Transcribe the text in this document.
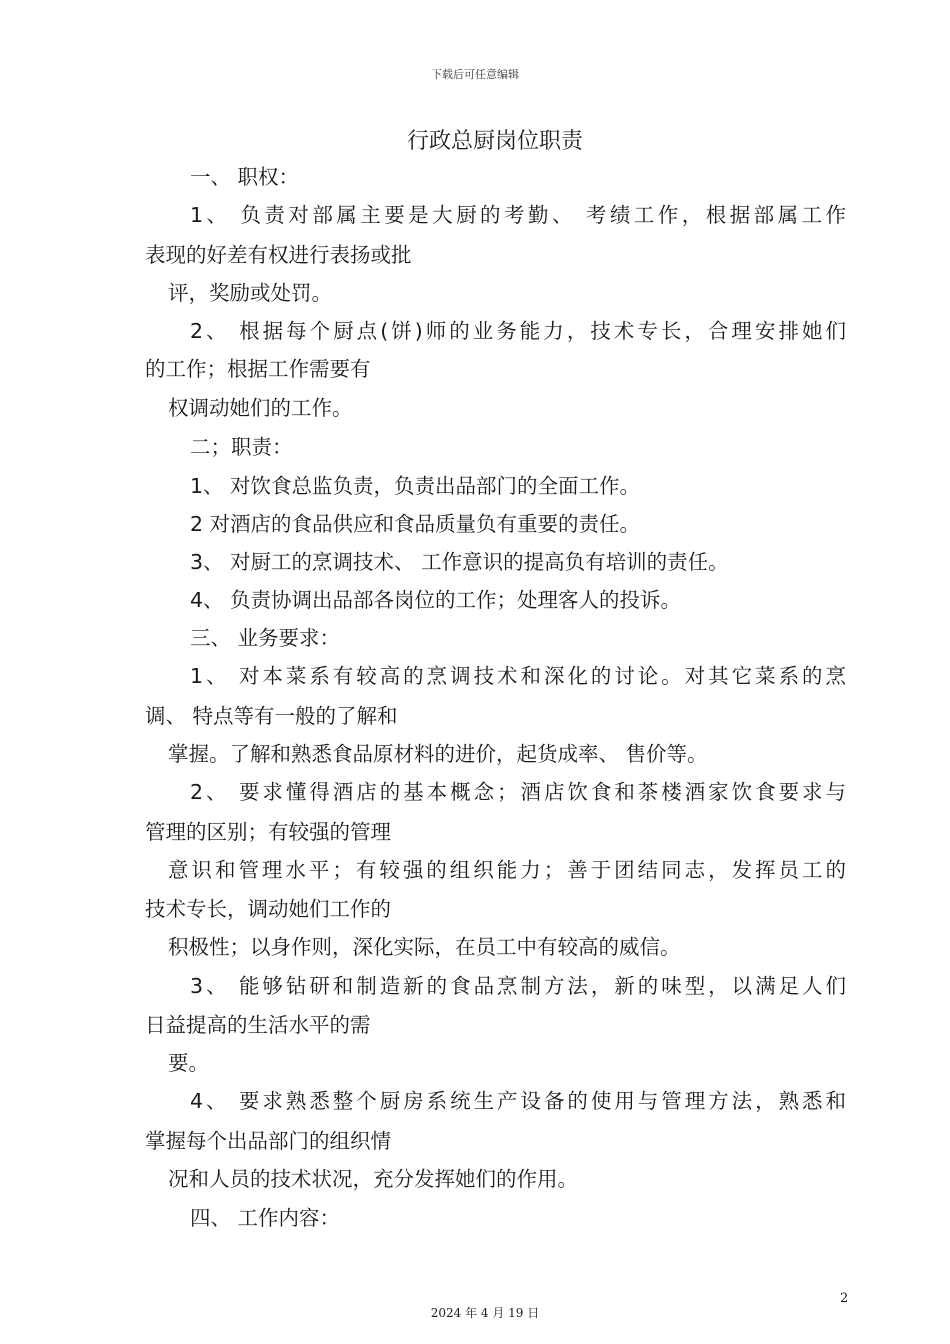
下载后可任意编辑
行政总厨岗位职责
一、 职权：
1、 负责对部属主要是大厨的考勤、 考绩工作，根据部属工作
表现的好差有权进行表扬或批
评，奖励或处罚。
2、 根据每个厨点(饼)师的业务能力，技术专长，合理安排她们
的工作；根据工作需要有
权调动她们的工作。
二；职责：
1、 对饮食总监负责，负责出品部门的全面工作。
2 对酒店的食品供应和食品质量负有重要的责任。
3、 对厨工的烹调技术、 工作意识的提高负有培训的责任。
4、 负责协调出品部各岗位的工作；处理客人的投诉。
三、 业务要求：
1、 对本菜系有较高的烹调技术和深化的讨论。对其它菜系的烹
调、 特点等有一般的了解和
掌握。了解和熟悉食品原材料的进价，起货成率、 售价等。
2、 要求懂得酒店的基本概念；酒店饮食和茶楼酒家饮食要求与
管理的区别；有较强的管理
意识和管理水平；有较强的组织能力；善于团结同志，发挥员工的
技术专长，调动她们工作的
积极性；以身作则，深化实际，在员工中有较高的威信。
3、 能够钻研和制造新的食品烹制方法，新的味型，以满足人们
日益提高的生活水平的需
要。
4、 要求熟悉整个厨房系统生产设备的使用与管理方法，熟悉和
掌握每个出品部门的组织情
况和人员的技术状况，充分发挥她们的作用。
四、 工作内容：
2
2024 年 4 月 19 日
